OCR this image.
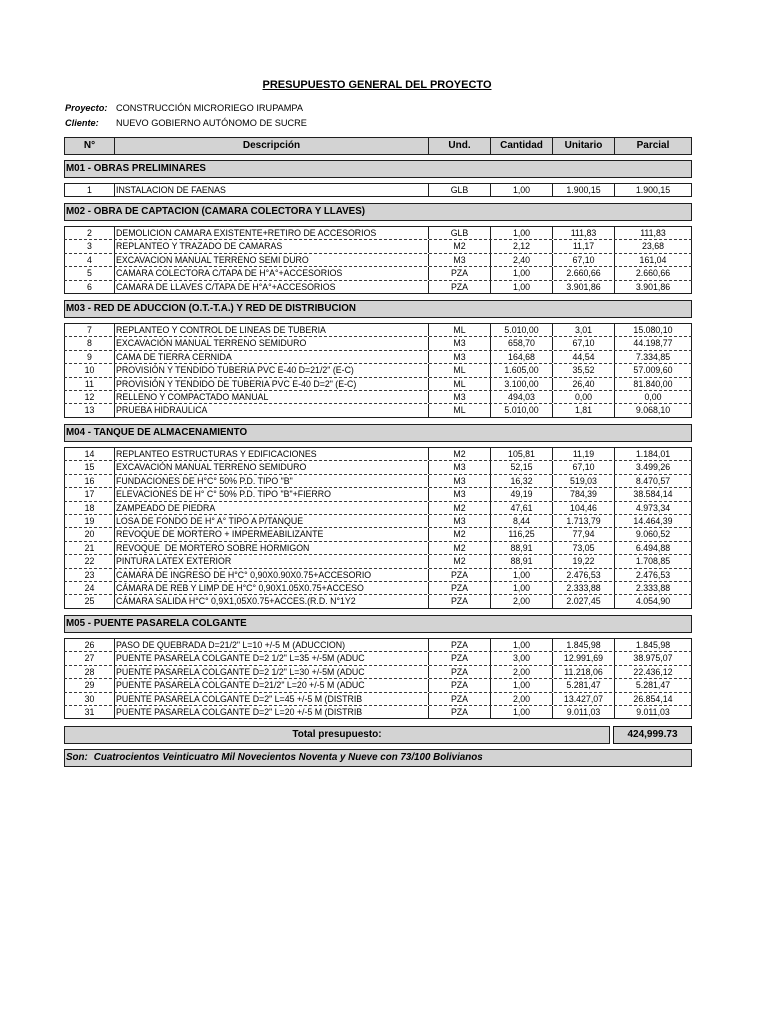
PRESUPUESTO GENERAL DEL PROYECTO
Proyecto: CONSTRUCCIÓN MICRORIEGO IRUPAMPA
Cliente: NUEVO GOBIERNO AUTÓNOMO DE SUCRE
N°	Descripción	Und.	Cantidad	Unitario	Parcial
M01 - OBRAS PRELIMINARES
1	INSTALACION DE FAENAS	GLB	1,00	1.900,15	1.900,15
M02 - OBRA DE CAPTACION (CAMARA COLECTORA Y LLAVES)
2	DEMOLICION CAMARA EXISTENTE+RETIRO DE ACCESORIOS	GLB	1,00	111,83	111,83
3	REPLANTEO Y TRAZADO DE CAMARAS	M2	2,12	11,17	23,68
4	EXCAVACION MANUAL TERRENO SEMI DURO	M3	2,40	67,10	161,04
5	CAMARA COLECTORA C/TAPA DE H°A°+ACCESORIOS	PZA	1,00	2.660,66	2.660,66
6	CAMARA DE LLAVES C/TAPA DE H°A°+ACCESORIOS	PZA	1,00	3.901,86	3.901,86
M03 - RED DE ADUCCION (O.T.-T.A.) Y RED DE DISTRIBUCION
7	REPLANTEO Y CONTROL DE LINEAS DE TUBERIA	ML	5.010,00	3,01	15.080,10
8	EXCAVACIÓN MANUAL TERRENO SEMIDURO	M3	658,70	67,10	44.198,77
9	CAMA DE TIERRA CERNIDA	M3	164,68	44,54	7.334,85
10	PROVISIÓN Y TENDIDO TUBERIA PVC E-40 D=21/2" (E-C)	ML	1.605,00	35,52	57.009,60
11	PROVISIÓN Y TENDIDO DE TUBERIA PVC E-40 D=2" (E-C)	ML	3.100,00	26,40	81.840,00
12	RELLENO Y COMPACTADO MANUAL	M3	494,03	0,00	0,00
13	PRUEBA HIDRAULICA	ML	5.010,00	1,81	9.068,10
M04 - TANQUE DE ALMACENAMIENTO
14	REPLANTEO ESTRUCTURAS Y EDIFICACIONES	M2	105,81	11,19	1.184,01
15	EXCAVACIÓN MANUAL TERRENO SEMIDURO	M3	52,15	67,10	3.499,26
16	FUNDACIONES DE H°C° 50% P.D. TIPO "B"	M3	16,32	519,03	8.470,57
17	ELEVACIONES DE H° C° 50% P.D. TIPO "B"+FIERRO	M3	49,19	784,39	38.584,14
18	ZAMPEADO DE PIEDRA	M2	47,61	104,46	4.973,34
19	LOSA DE FONDO DE H° A° TIPO A P/TANQUE	M3	8,44	1.713,79	14.464,39
20	REVOQUE DE MORTERO + IMPERMEABILIZANTE	M2	116,25	77,94	9.060,52
21	REVOQUE  DE MORTERO SOBRE HORMIGON	M2	88,91	73,05	6.494,88
22	PINTURA LATEX EXTERIOR	M2	88,91	19,22	1.708,85
23	CAMARA DE INGRESO DE H°C° 0,90X0.90X0.75+ACCESORIO	PZA	1,00	2.476,53	2.476,53
24	CÁMARA DE REB Y LIMP DE H°C° 0,90X1.05X0.75+ACCESO	PZA	1,00	2.333,88	2.333,88
25	CÁMARA SALIDA H°C° 0,9X1,05X0.75+ACCES.(R.D. N°1Y2	PZA	2,00	2.027,45	4.054,90
M05 - PUENTE PASARELA COLGANTE
26	PASO DE QUEBRADA D=21/2" L=10 +/-5 M (ADUCCION)	PZA	1,00	1.845,98	1.845,98
27	PUENTE PASARELA COLGANTE D=2 1/2" L=35 +/-5M (ADUC	PZA	3,00	12.991,69	38.975,07
28	PUENTE PASARELA COLGANTE D=2 1/2" L=30 +/-5M (ADUC	PZA	2,00	11.218,06	22.436,12
29	PUENTE PASARELA COLGANTE D=21/2" L=20 +/-5 M (ADUC	PZA	1,00	5.281,47	5.281,47
30	PUENTE PASARELA COLGANTE D=2" L=45 +/-5 M (DISTRIB	PZA	2,00	13.427,07	26.854,14
31	PUENTE PASARELA COLGANTE D=2" L=20 +/-5 M (DISTRIB	PZA	1,00	9.011,03	9.011,03
Total presupuesto:	424,999.73
Son: Cuatrocientos Veinticuatro Mil Novecientos Noventa y Nueve con 73/100 Bolivianos
